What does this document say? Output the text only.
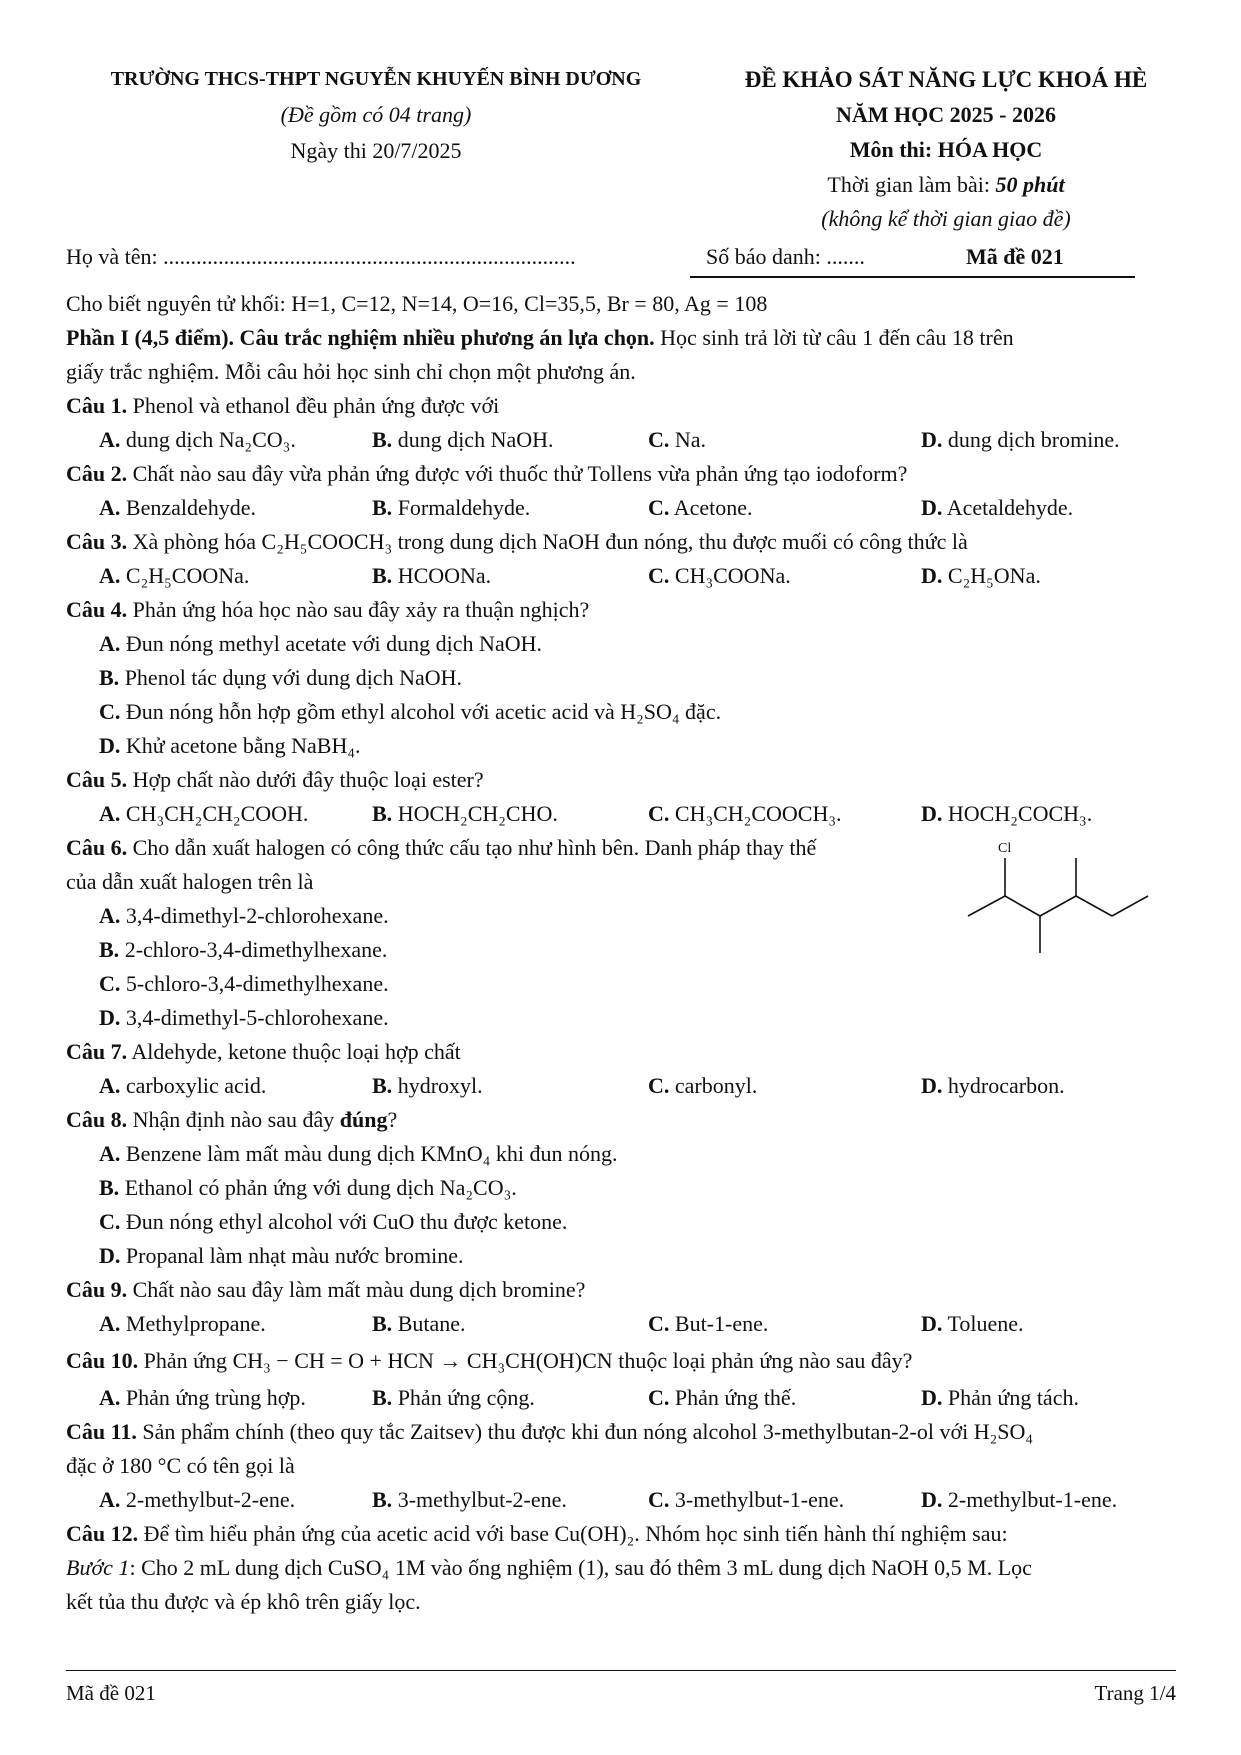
TRƯỜNG THCS-THPT NGUYỄN KHUYẾN BÌNH DƯƠNG
(Đề gồm có 04 trang)
Ngày thi 20/7/2025
ĐỀ KHẢO SÁT NĂNG LỰC KHOÁ HÈ
NĂM HỌC 2025 - 2026
Môn thi: HÓA HỌC
Thời gian làm bài: 50 phút
(không kể thời gian giao đề)
Họ và tên: ...........................................................................	Số báo danh: .......	Mã đề 021
Cho biết nguyên tử khối: H=1, C=12, N=14, O=16, Cl=35,5, Br = 80, Ag = 108
Phần I (4,5 điểm). Câu trắc nghiệm nhiều phương án lựa chọn. Học sinh trả lời từ câu 1 đến câu 18 trên
giấy trắc nghiệm. Mỗi câu hỏi học sinh chỉ chọn một phương án.
Câu 1. Phenol và ethanol đều phản ứng được với
A. dung dịch Na₂CO₃.	B. dung dịch NaOH.	C. Na.	D. dung dịch bromine.
Câu 2. Chất nào sau đây vừa phản ứng được với thuốc thử Tollens vừa phản ứng tạo iodoform?
A. Benzaldehyde.	B. Formaldehyde.	C. Acetone.	D. Acetaldehyde.
Câu 3. Xà phòng hóa C₂H₅COOCH₃ trong dung dịch NaOH đun nóng, thu được muối có công thức là
A. C₂H₅COONa.	B. HCOONa.	C. CH₃COONa.	D. C₂H₅ONa.
Câu 4. Phản ứng hóa học nào sau đây xảy ra thuận nghịch?
A. Đun nóng methyl acetate với dung dịch NaOH.
B. Phenol tác dụng với dung dịch NaOH.
C. Đun nóng hỗn hợp gồm ethyl alcohol với acetic acid và H₂SO₄ đặc.
D. Khử acetone bằng NaBH₄.
Câu 5. Hợp chất nào dưới đây thuộc loại ester?
A. CH₃CH₂CH₂COOH.	B. HOCH₂CH₂CHO.	C. CH₃CH₂COOCH₃.	D. HOCH₂COCH₃.
Câu 6. Cho dẫn xuất halogen có công thức cấu tạo như hình bên. Danh pháp thay thế
của dẫn xuất halogen trên là
A. 3,4-dimethyl-2-chlorohexane.
B. 2-chloro-3,4-dimethylhexane.
C. 5-chloro-3,4-dimethylhexane.
D. 3,4-dimethyl-5-chlorohexane.
Câu 7. Aldehyde, ketone thuộc loại hợp chất
A. carboxylic acid.	B. hydroxyl.	C. carbonyl.	D. hydrocarbon.
Câu 8. Nhận định nào sau đây đúng?
A. Benzene làm mất màu dung dịch KMnO₄ khi đun nóng.
B. Ethanol có phản ứng với dung dịch Na₂CO₃.
C. Đun nóng ethyl alcohol với CuO thu được ketone.
D. Propanal làm nhạt màu nước bromine.
Câu 9. Chất nào sau đây làm mất màu dung dịch bromine?
A. Methylpropane.	B. Butane.	C. But-1-ene.	D. Toluene.
Câu 10. Phản ứng CH₃ − CH = O + HCN → CH₃CH(OH)CN thuộc loại phản ứng nào sau đây?
A. Phản ứng trùng hợp.	B. Phản ứng cộng.	C. Phản ứng thế.	D. Phản ứng tách.
Câu 11. Sản phẩm chính (theo quy tắc Zaitsev) thu được khi đun nóng alcohol 3-methylbutan-2-ol với H₂SO₄
đặc ở 180 °C có tên gọi là
A. 2-methylbut-2-ene.	B. 3-methylbut-2-ene.	C. 3-methylbut-1-ene.	D. 2-methylbut-1-ene.
Câu 12. Để tìm hiểu phản ứng của acetic acid với base Cu(OH)₂. Nhóm học sinh tiến hành thí nghiệm sau:
Bước 1: Cho 2 mL dung dịch CuSO₄ 1M vào ống nghiệm (1), sau đó thêm 3 mL dung dịch NaOH 0,5 M. Lọc
kết tủa thu được và ép khô trên giấy lọc.
Cl
Mã đề 021	Trang 1/4
